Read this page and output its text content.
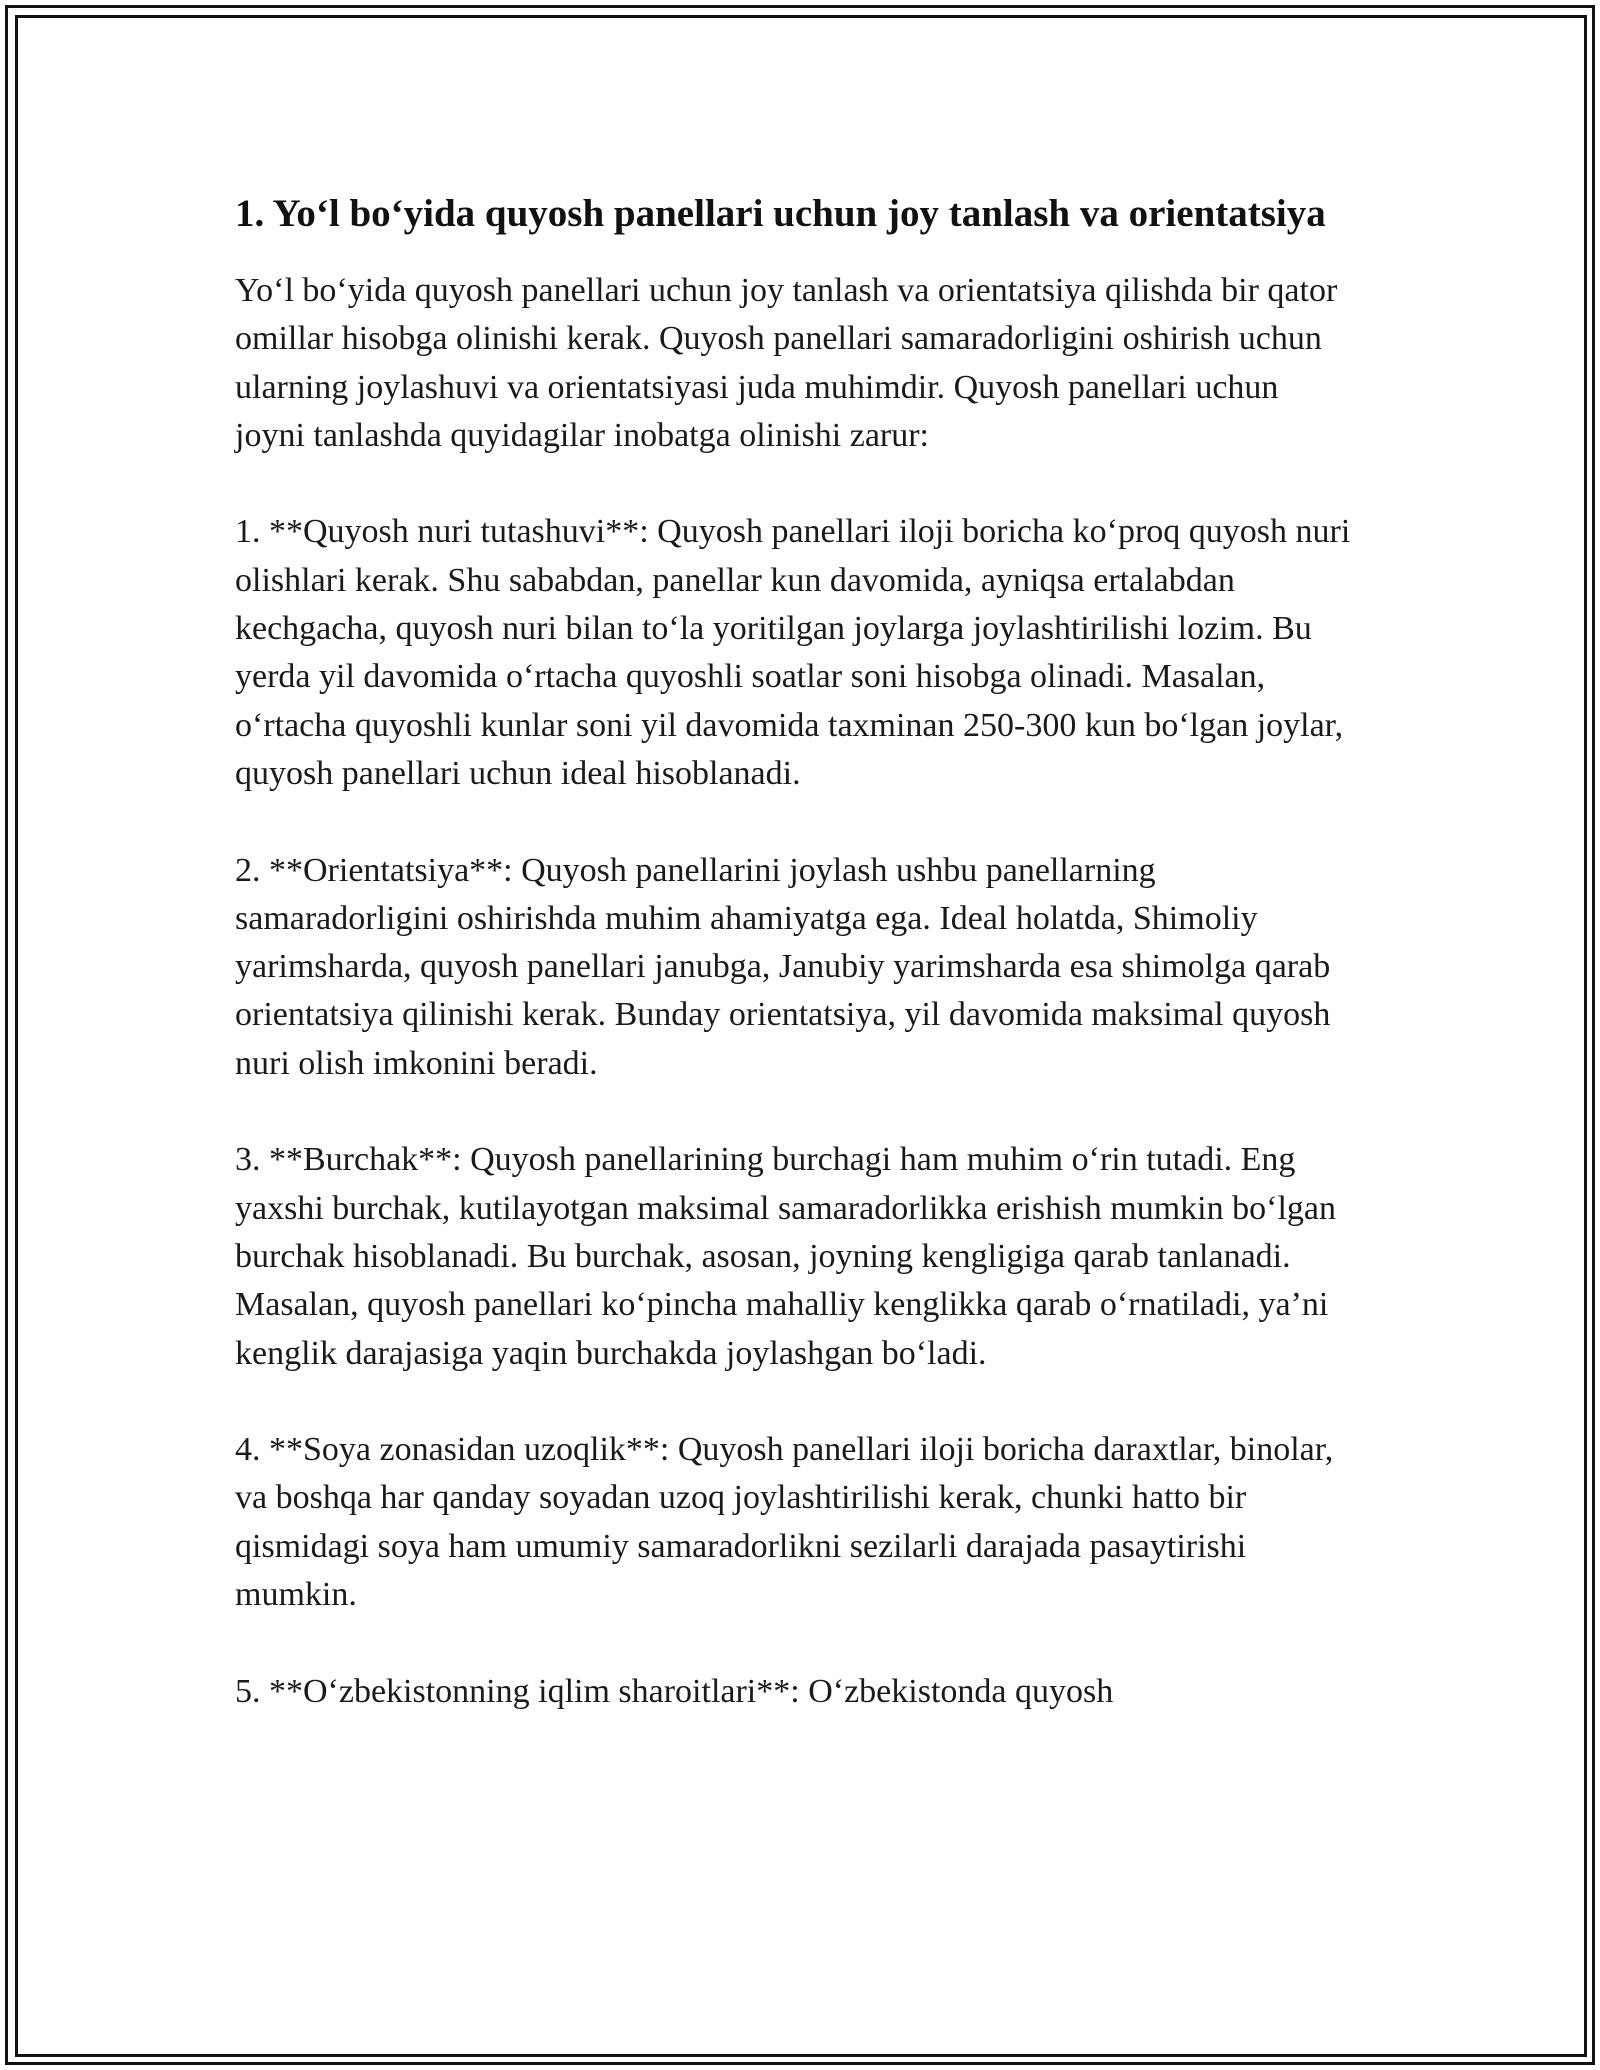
1. Yo‘l bo‘yida quyosh panellari uchun joy tanlash va orientatsiya

Yo‘l bo‘yida quyosh panellari uchun joy tanlash va orientatsiya qilishda bir qator omillar hisobga olinishi kerak. Quyosh panellari samaradorligini oshirish uchun ularning joylashuvi va orientatsiyasi juda muhimdir. Quyosh panellari uchun joyni tanlashda quyidagilar inobatga olinishi zarur:

1. **Quyosh nuri tutashuvi**: Quyosh panellari iloji boricha ko‘proq quyosh nuri olishlari kerak. Shu sababdan, panellar kun davomida, ayniqsa ertalabdan kechgacha, quyosh nuri bilan to‘la yoritilgan joylarga joylashtirilishi lozim. Bu yerda yil davomida o‘rtacha quyoshli soatlar soni hisobga olinadi. Masalan, o‘rtacha quyoshli kunlar soni yil davomida taxminan 250-300 kun bo‘lgan joylar, quyosh panellari uchun ideal hisoblanadi.

2. **Orientatsiya**: Quyosh panellarini joylash ushbu panellarning samaradorligini oshirishda muhim ahamiyatga ega. Ideal holatda, Shimoliy yarimsharda, quyosh panellari janubga, Janubiy yarimsharda esa shimolga qarab orientatsiya qilinishi kerak. Bunday orientatsiya, yil davomida maksimal quyosh nuri olish imkonini beradi.

3. **Burchak**: Quyosh panellarining burchagi ham muhim o‘rin tutadi. Eng yaxshi burchak, kutilayotgan maksimal samaradorlikka erishish mumkin bo‘lgan burchak hisoblanadi. Bu burchak, asosan, joyning kengligiga qarab tanlanadi. Masalan, quyosh panellari ko‘pincha mahalliy kenglikka qarab o‘rnatiladi, ya’ni kenglik darajasiga yaqin burchakda joylashgan bo‘ladi.

4. **Soya zonasidan uzoqlik**: Quyosh panellari iloji boricha daraxtlar, binolar, va boshqa har qanday soyadan uzoq joylashtirilishi kerak, chunki hatto bir qismidagi soya ham umumiy samaradorlikni sezilarli darajada pasaytirishi mumkin.

5. **O‘zbekistonning iqlim sharoitlari**: O‘zbekistonda quyosh
